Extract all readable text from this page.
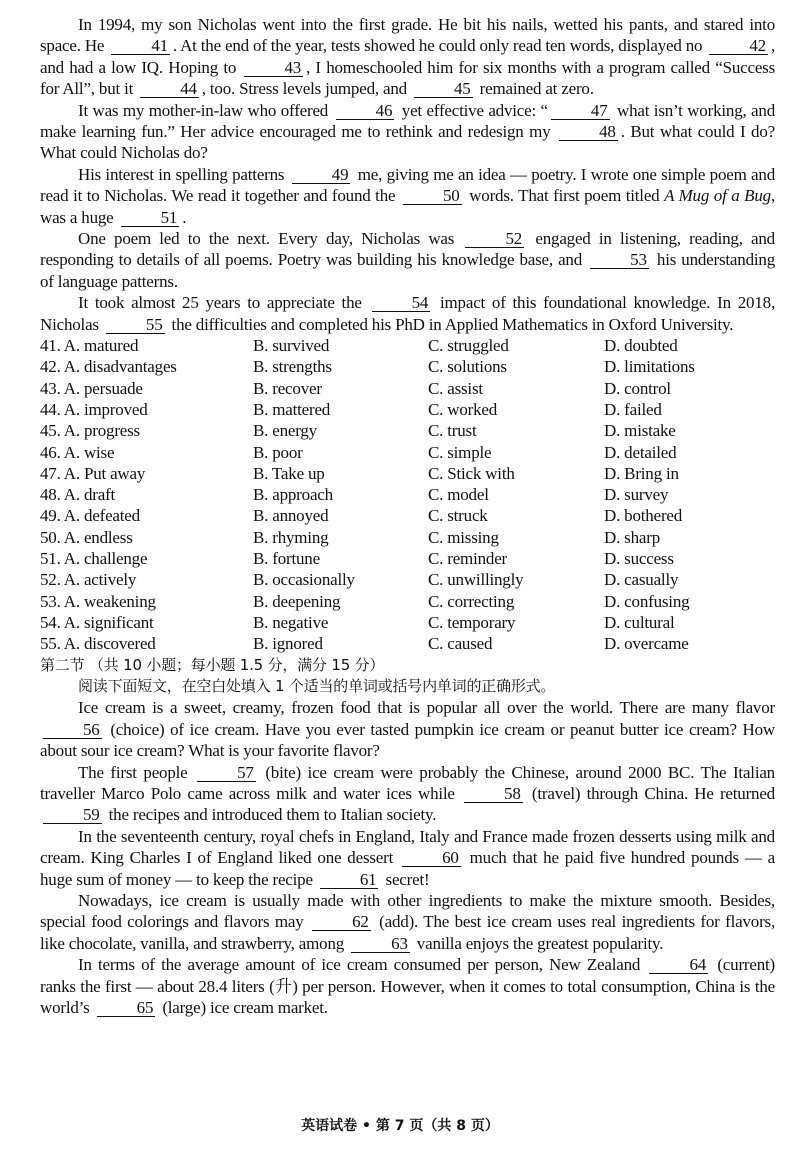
In 1994, my son Nicholas went into the first grade. He bit his nails, wetted his pants, and stared into space. He	41 . At the end of the year, tests showed he could only read ten words, displayed no	42 , and had a low IQ. Hoping to	43 , I homeschooled him for six months with a program called “Success for All”, but it	44 , too. Stress levels jumped, and	45 remained at zero.

It was my mother-in-law who offered	46 yet effective advice: “	47 what isn’t working, and make learning fun.” Her advice encouraged me to rethink and redesign my	48 . But what could I do? What could Nicholas do?

His interest in spelling patterns	49 me, giving me an idea — poetry. I wrote one simple poem and read it to Nicholas. We read it together and found the	50 words. That first poem titled A Mug of a Bug, was a huge	51 .

One poem led to the next. Every day, Nicholas was	52 engaged in listening, reading, and responding to details of all poems. Poetry was building his knowledge base, and	53 his understanding of language patterns.

It took almost 25 years to appreciate the	54 impact of this foundational knowledge. In 2018, Nicholas	55 the difficulties and completed his PhD in Applied Mathematics in Oxford University.

41. A. matured	B. survived	C. struggled	D. doubted
42. A. disadvantages	B. strengths	C. solutions	D. limitations
43. A. persuade	B. recover	C. assist	D. control
44. A. improved	B. mattered	C. worked	D. failed
45. A. progress	B. energy	C. trust	D. mistake
46. A. wise	B. poor	C. simple	D. detailed
47. A. Put away	B. Take up	C. Stick with	D. Bring in
48. A. draft	B. approach	C. model	D. survey
49. A. defeated	B. annoyed	C. struck	D. bothered
50. A. endless	B. rhyming	C. missing	D. sharp
51. A. challenge	B. fortune	C. reminder	D. success
52. A. actively	B. occasionally	C. unwillingly	D. casually
53. A. weakening	B. deepening	C. correcting	D. confusing
54. A. significant	B. negative	C. temporary	D. cultural
55. A. discovered	B. ignored	C. caused	D. overcame

第二节 （共 10 小题；每小题 1.5 分，满分 15 分）

阅读下面短文，在空白处填入 1 个适当的单词或括号内单词的正确形式。

Ice cream is a sweet, creamy, frozen food that is popular all over the world. There are many flavor 56 (choice) of ice cream. Have you ever tasted pumpkin ice cream or peanut butter ice cream? How about sour ice cream? What is your favorite flavor?

The first people	57 (bite) ice cream were probably the Chinese, around 2000 BC. The Italian traveller Marco Polo came across milk and water ices while	58 (travel) through China. He returned 59 the recipes and introduced them to Italian society.

In the seventeenth century, royal chefs in England, Italy and France made frozen desserts using milk and cream. King Charles I of England liked one dessert	60 much that he paid five hundred pounds — a huge sum of money — to keep the recipe	61 secret!

Nowadays, ice cream is usually made with other ingredients to make the mixture smooth. Besides, special food colorings and flavors may	62 (add). The best ice cream uses real ingredients for flavors, like chocolate, vanilla, and strawberry, among	63 vanilla enjoys the greatest popularity.

In terms of the average amount of ice cream consumed per person, New Zealand	64 (current) ranks the first — about 28.4 liters (升) per person. However, when it comes to total consumption, China is the world’s	65 (large) ice cream market.

英语试卷 • 第 7 页（共 8 页）
